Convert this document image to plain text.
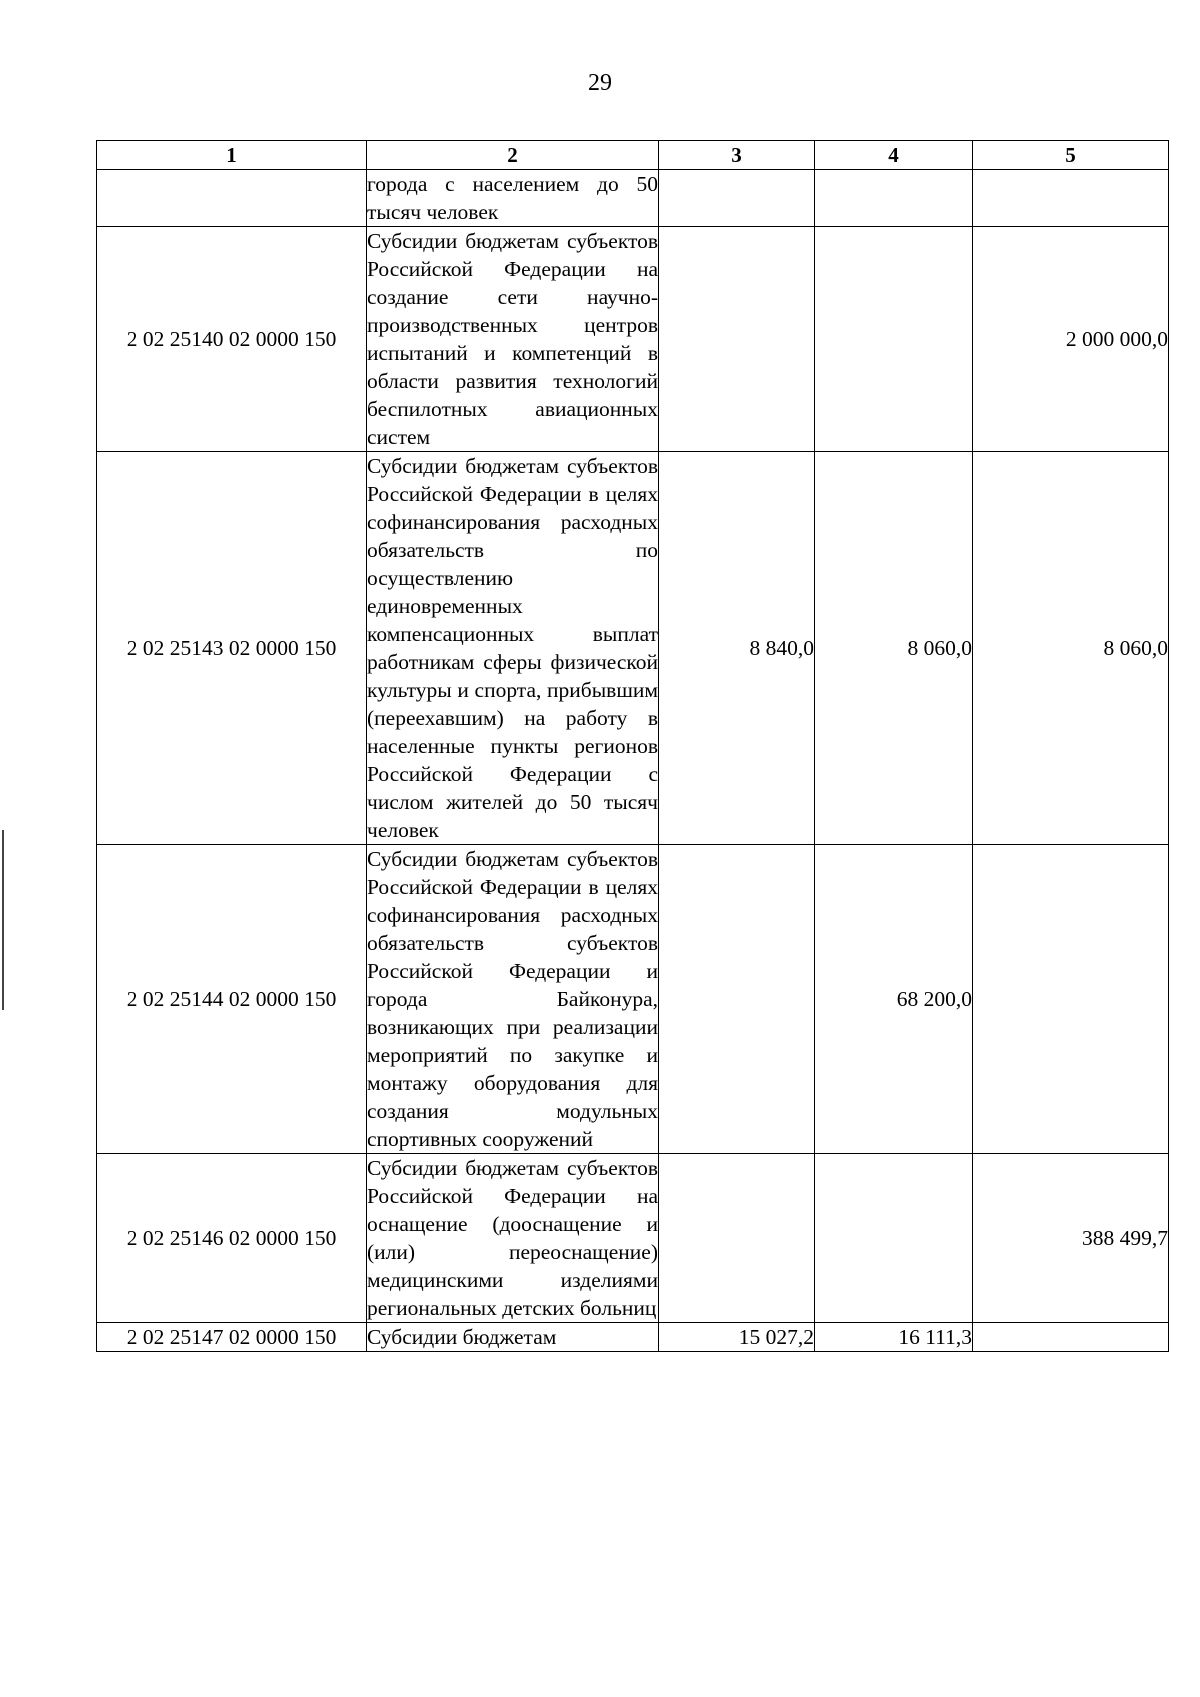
29
1	2	3	4	5

	города с населением до 50 тысяч человек			

2 02 25140 02 0000 150	Субсидии бюджетам субъектов Российской Федерации на создание сети научно-производственных центров испытаний и компетенций в области развития технологий беспилотных авиационных систем			2 000 000,0
2 02 25143 02 0000 150	Субсидии бюджетам субъектов Российской Федерации в целях софинансирования расходных обязательств по осуществлению единовременных компенсационных выплат работникам сферы физической культуры и спорта, прибывшим (переехавшим) на работу в населенные пункты регионов Российской Федерации с числом жителей до 50 тысяч человек	8 840,0	8 060,0	8 060,0
2 02 25144 02 0000 150	Субсидии бюджетам субъектов Российской Федерации в целях софинансирования расходных обязательств субъектов Российской Федерации и города Байконура, возникающих при реализации мероприятий по закупке и монтажу оборудования для создания модульных спортивных сооружений		68 200,0	
2 02 25146 02 0000 150	Субсидии бюджетам субъектов Российской Федерации на оснащение (дооснащение и (или) переоснащение) медицинскими изделиями региональных детских больниц			388 499,7
2 02 25147 02 0000 150	Субсидии бюджетам	15 027,2	16 111,3	
